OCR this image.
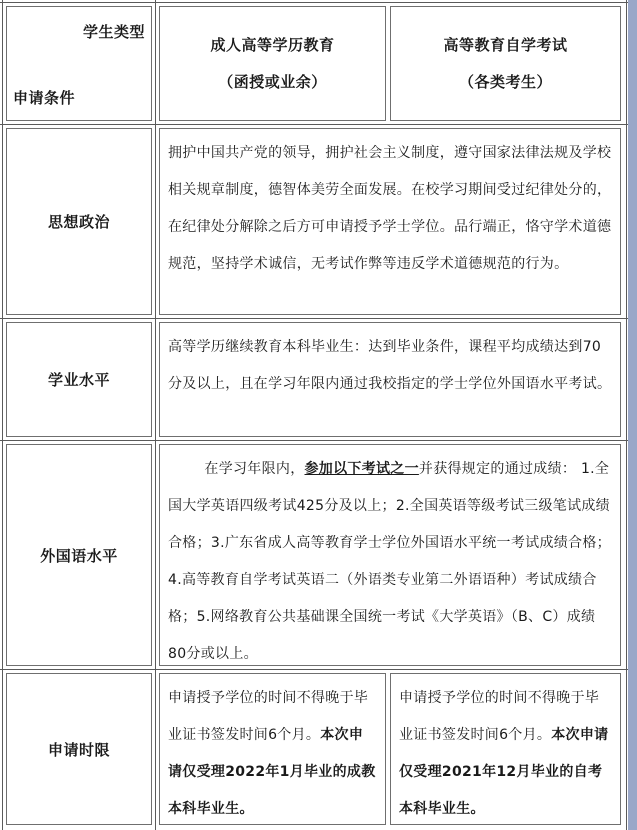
学生类型
申请条件
成人高等学历教育
（函授或业余）
高等教育自学考试
（各类考生）
思想政治
拥护中国共产党的领导，拥护社会主义制度，遵守国家法律法规及学校相关规章制度，德智体美劳全面发展。在校学习期间受过纪律处分的，在纪律处分解除之后方可申请授予学士学位。品行端正，恪守学术道德规范，坚持学术诚信，无考试作弊等违反学术道德规范的行为。
学业水平
高等学历继续教育本科毕业生：达到毕业条件，课程平均成绩达到70分及以上，且在学习年限内通过我校指定的学士学位外国语水平考试。
外国语水平
在学习年限内，参加以下考试之一并获得规定的通过成绩： 1.全国大学英语四级考试425分及以上；2.全国英语等级考试三级笔试成绩合格；3.广东省成人高等教育学士学位外国语水平统一考试成绩合格；4.高等教育自学考试英语二（外语类专业第二外语语种）考试成绩合格；5.网络教育公共基础课全国统一考试《大学英语》（B、C）成绩80分或以上。
申请时限
申请授予学位的时间不得晚于毕业证书签发时间6个月。本次申请仅受理2022年1月毕业的成教本科毕业生。
申请授予学位的时间不得晚于毕业证书签发时间6个月。本次申请仅受理2021年12月毕业的自考本科毕业生。
